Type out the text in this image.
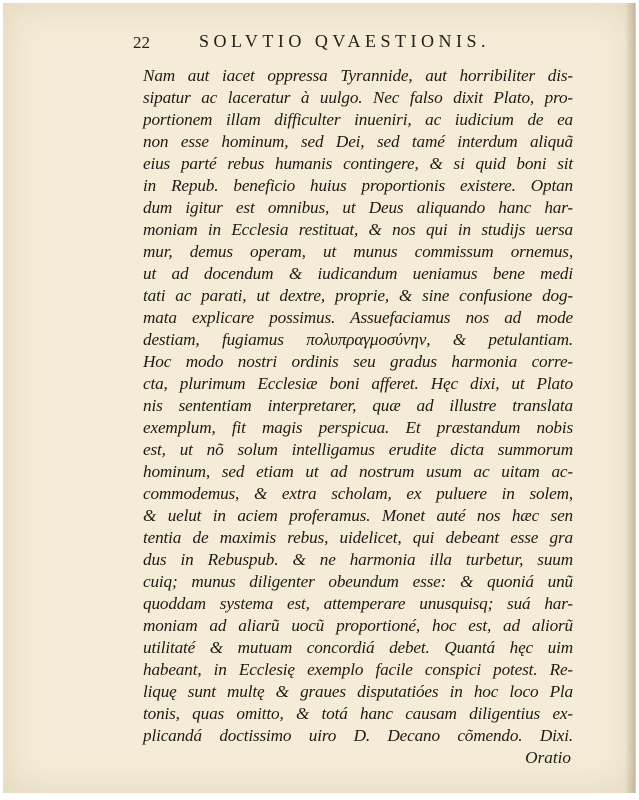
22	SOLVTIO QVAESTIONIS.
Nam aut iacet oppressa Tyrannide, aut horribiliter dis-
sipatur ac laceratur à uulgo. Nec falso dixit Plato, pro-
portionem illam difficulter inueniri, ac iudicium de ea
non esse hominum, sed Dei, sed tamé interdum aliquã
eius parté rebus humanis contingere, & si quid boni sit
in Repub. beneficio huius proportionis existere. Optan
dum igitur est omnibus, ut Deus aliquando hanc har-
moniam in Ecclesia restituat, & nos qui in studijs uersa
mur, demus operam, ut munus commissum ornemus,
ut ad docendum & iudicandum ueniamus bene medi
tati ac parati, ut dextre, proprie, & sine confusione dog-
mata explicare possimus. Assuefaciamus nos ad mode
destiam, fugiamus πολυπραγμοσύνην, & petulantiam.
Hoc modo nostri ordinis seu gradus harmonia corre-
cta, plurimum Ecclesiæ boni afferet. Hęc dixi, ut Plato
nis sententiam interpretarer, quæ ad illustre translata
exemplum, fit magis perspicua. Et præstandum nobis
est, ut nõ solum intelligamus erudite dicta summorum
hominum, sed etiam ut ad nostrum usum ac uitam ac-
commodemus, & extra scholam, ex puluere in solem,
& uelut in aciem proferamus. Monet auté nos hæc sen
tentia de maximis rebus, uidelicet, qui debeant esse gra
dus in Rebuspub. & ne harmonia illa turbetur, suum
cuiq; munus diligenter obeundum esse: & quoniá unũ
quoddam systema est, attemperare unusquisq; suá har-
moniam ad aliarũ uocũ proportioné, hoc est, ad aliorũ
utilitaté & mutuam concordiá debet. Quantá hęc uim
habeant, in Ecclesię exemplo facile conspici potest. Re-
liquę sunt multę & graues disputatióes in hoc loco Pla
tonis, quas omitto, & totá hanc causam diligentius ex-
plicandá doctissimo uiro D. Decano cõmendo. Dixi.
Oratio
